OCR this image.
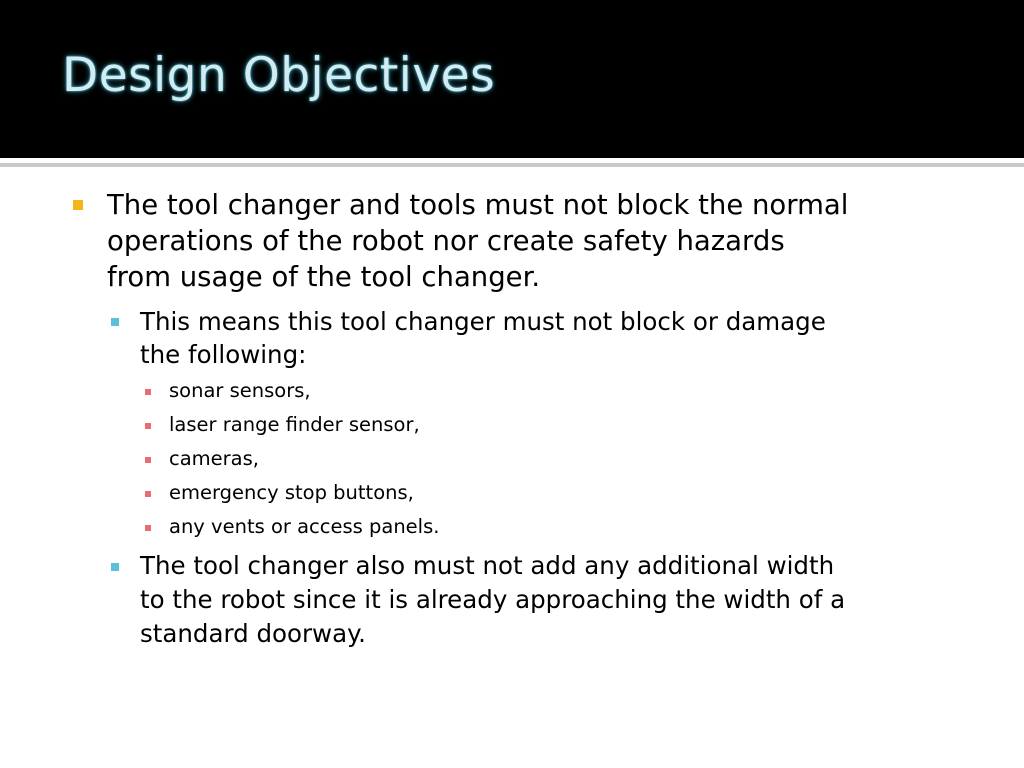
Design Objectives
The tool changer and tools must not block the normal
operations of the robot nor create safety hazards
from usage of the tool changer.
This means this tool changer must not block or damage
the following:
sonar sensors,
laser range finder sensor,
cameras,
emergency stop buttons,
any vents or access panels.
The tool changer also must not add any additional width
to the robot since it is already approaching the width of a
standard doorway.
